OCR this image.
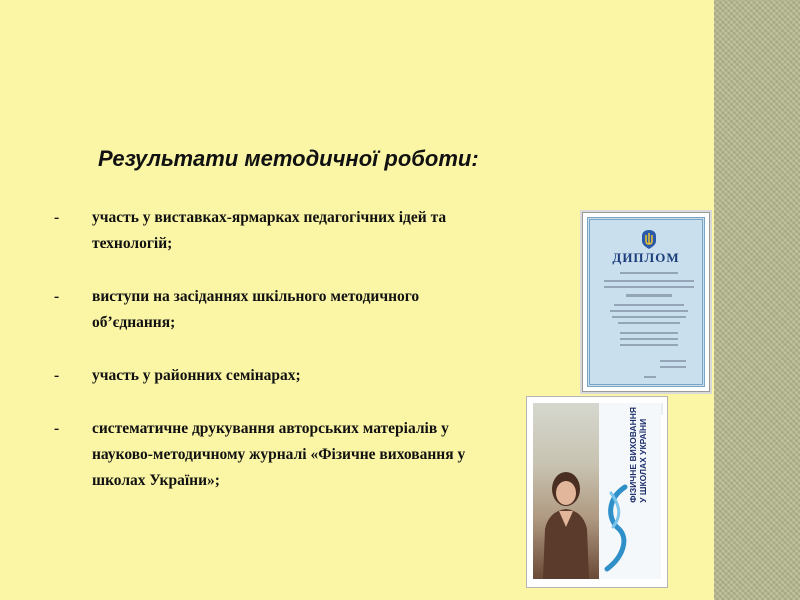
Результати методичної роботи:
- участь у виставках-ярмарках педагогічних ідей та технологій;
- виступи на засіданнях шкільного методичного об’єднання;
- участь у районних семінарах;
- систематичне друкування авторських матеріалів у науково-методичному журналі «Фізичне виховання у школах України»;
ДИПЛОМ
ФІЗИЧНЕ ВИХОВАННЯ У ШКОЛАХ УКРАЇНИ
